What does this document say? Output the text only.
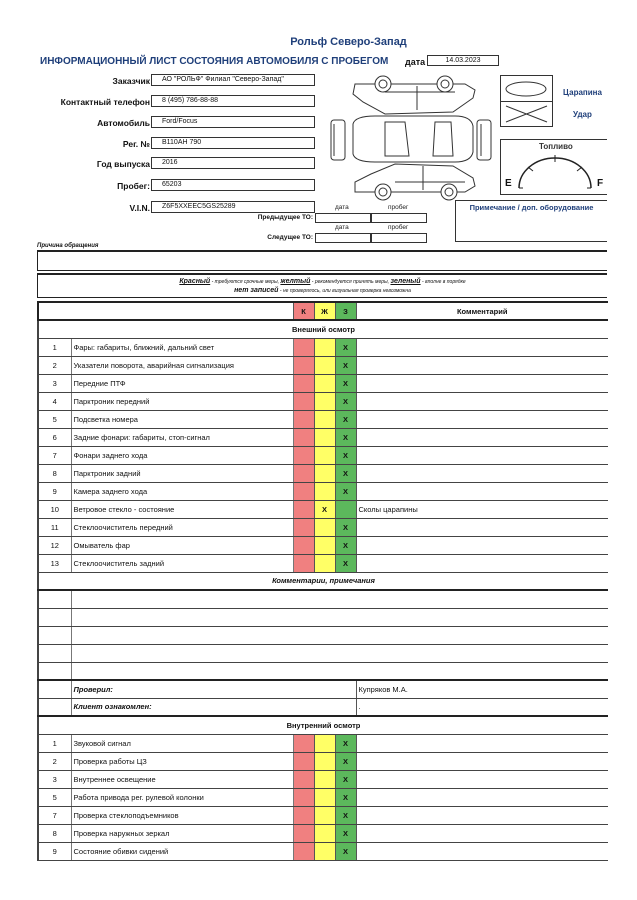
Рольф Северо-Запад
ИНФОРМАЦИОННЫЙ ЛИСТ СОСТОЯНИЯ АВТОМОБИЛЯ С ПРОБЕГОМ дата	14.03.2023
Заказчик	АО "РОЛЬФ" Филиал "Северо-Запад"
Контактный телефон	8 (495) 786-88-88
Автомобиль	Ford/Focus
Рег. №	В110АН 790
Год выпуска	2016
Пробег:	65203
V.I.N.	Z6F5XXEEC5GS25289	дата	пробег
Предыдущее ТО:
дата	пробег
Следущее ТО:
Царапина
Удар
Топливо
E	F
Примечание / доп. оборудование
Причина обращения
Красный - требуются срочные меры, желтый - рекомендуется принять меры, зеленый - вполне в порядке
нет записей - не проверялось, или визуальная проверка невозможна
		К	Ж	З	Комментарий
Внешний осмотр					
1	Фары: габариты, ближний, дальний свет			X	
2	Указатели поворота, аварийная сигнализация			X	
3	Передние ПТФ			X	
4	Парктроник передний			X	
5	Подсветка номера			X	
6	Задние фонари: габариты, стоп-сигнал			X	
7	Фонари заднего хода			X	
8	Парктроник задний			X	
9	Камера заднего хода			X	
10	Ветровое стекло - состояние		X		Сколы царапины
11	Стеклоочиститель передний			X	
12	Омыватель фар			X	
13	Стеклоочиститель задний			X	
Комментарии, примечания					

	Проверил:				Купряков М.А.
	Клиент ознакомлен:				.
Внутренний осмотр					
1	Звуковой сигнал			X	
2	Проверка работы ЦЗ			X	
3	Внутреннее освещение			X	
5	Работа привода рег. рулевой колонки			X	
7	Проверка стеклоподъемников			X	
8	Проверка наружных зеркал			X	
9	Состояние обивки сидений			X	
